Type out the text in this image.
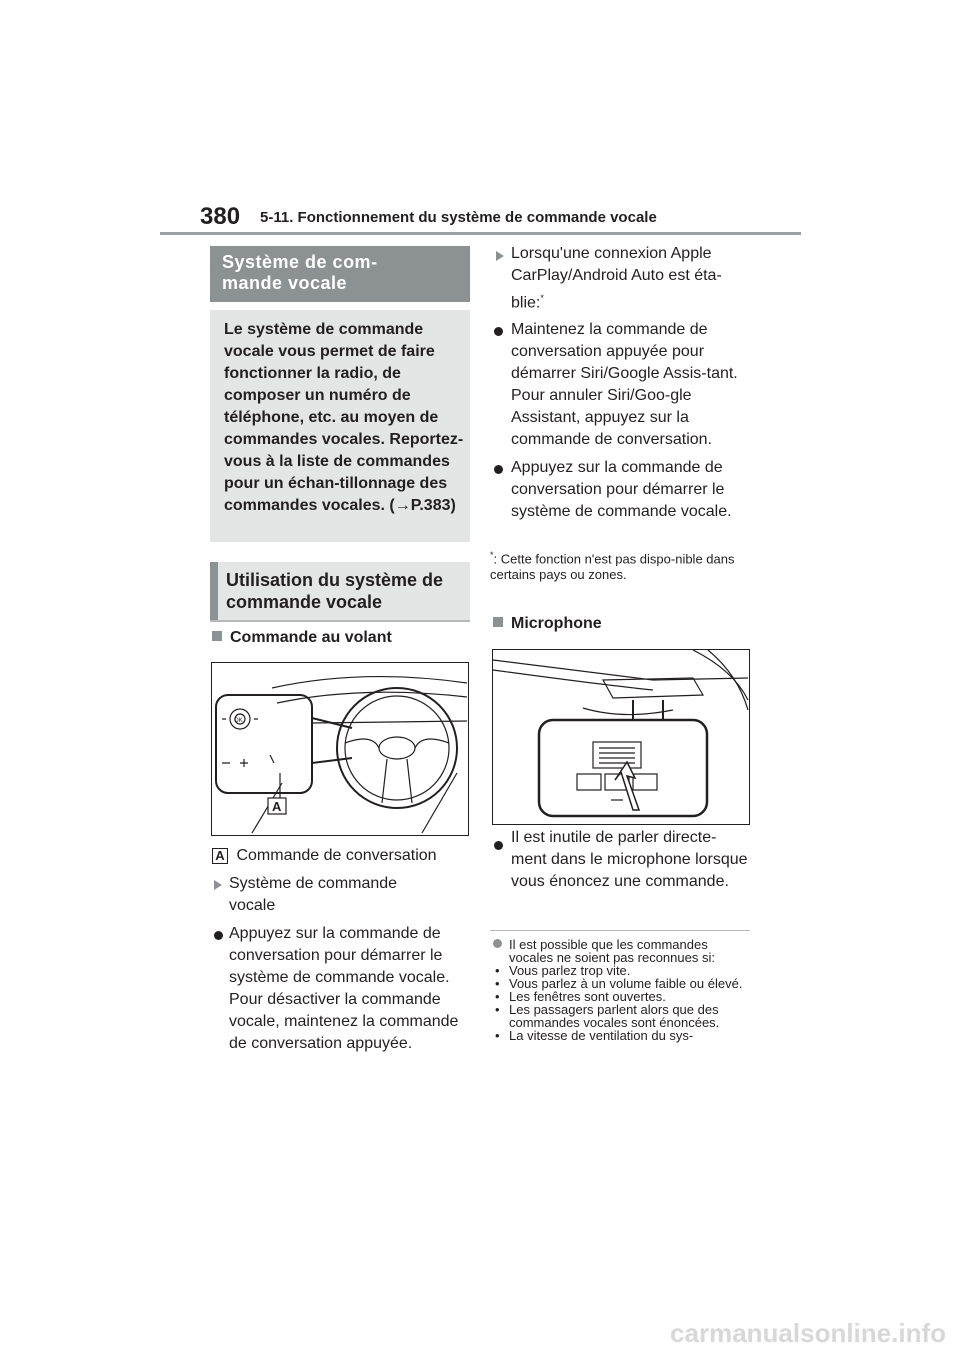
380 5-11. Fonctionnement du système de commande vocale
Système de com-
mande vocale
Le système de commande vocale vous permet de faire fonctionner la radio, de composer un numéro de téléphone, etc. au moyen de commandes vocales. Reportez-vous à la liste de commandes pour un échan-tillonnage des commandes vocales. (→P.383)
Utilisation du système de commande vocale
Commande au volant
OK
A
A Commande de conversation
Système de commande vocale
Appuyez sur la commande de conversation pour démarrer le système de commande vocale. Pour désactiver la commande vocale, maintenez la commande de conversation appuyée.
Lorsqu'une connexion Apple CarPlay/Android Auto est éta-blie:*
Maintenez la commande de conversation appuyée pour démarrer Siri/Google Assis-tant. Pour annuler Siri/Goo-gle Assistant, appuyez sur la commande de conversation.
Appuyez sur la commande de conversation pour démarrer le système de commande vocale.
*: Cette fonction n'est pas dispo-nible dans certains pays ou zones.
Microphone
Il est inutile de parler directe-ment dans le microphone lorsque vous énoncez une commande.
Il est possible que les commandes vocales ne soient pas reconnues si:
• Vous parlez trop vite.
• Vous parlez à un volume faible ou élevé.
• Les fenêtres sont ouvertes.
• Les passagers parlent alors que des commandes vocales sont énoncées.
• La vitesse de ventilation du sys-
carmanualsonline.info
